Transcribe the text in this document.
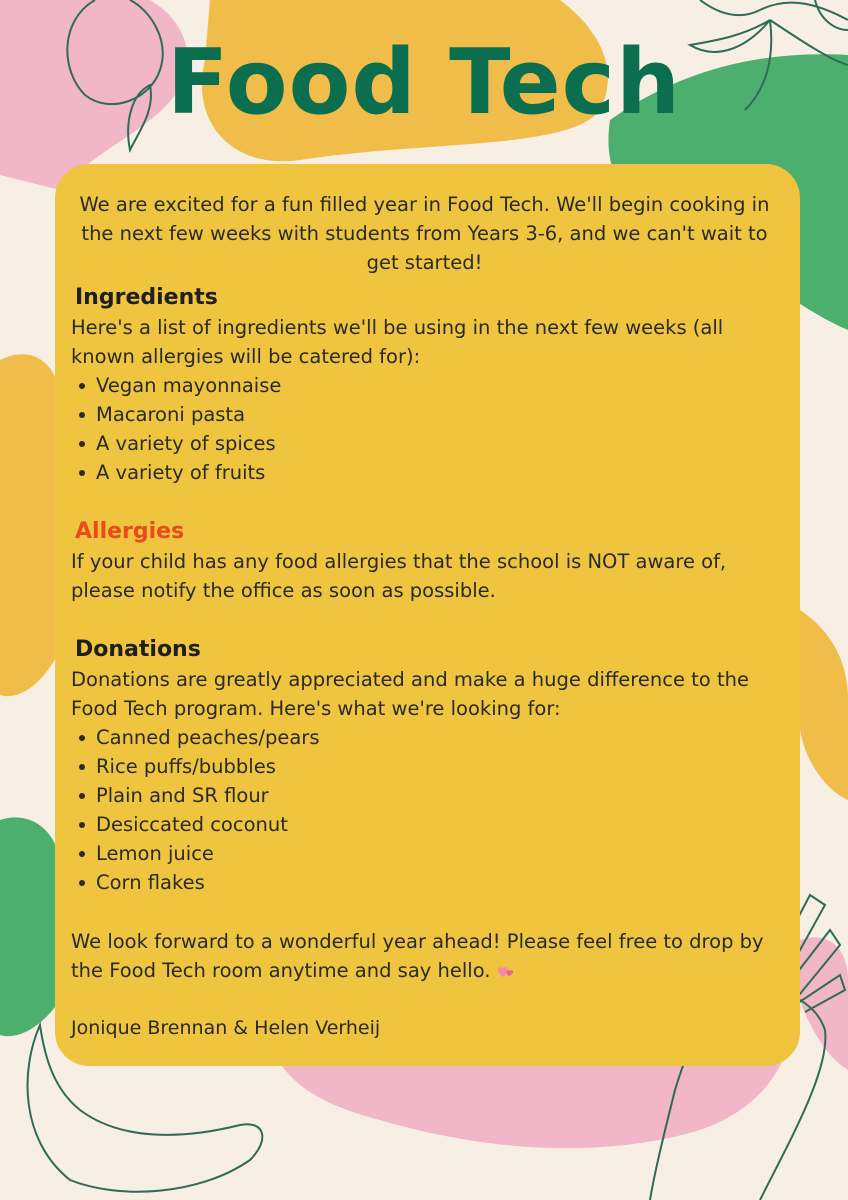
Food Tech

We are excited for a fun filled year in Food Tech. We'll begin cooking in the next few weeks with students from Years 3-6, and we can't wait to get started!

Ingredients

Here's a list of ingredients we'll be using in the next few weeks (all known allergies will be catered for):

Vegan mayonnaise
Macaroni pasta
A variety of spices
A variety of fruits

Allergies

If your child has any food allergies that the school is NOT aware of, please notify the office as soon as possible.

Donations

Donations are greatly appreciated and make a huge difference to the Food Tech program. Here's what we're looking for:

Canned peaches/pears
Rice puffs/bubbles
Plain and SR flour
Desiccated coconut
Lemon juice
Corn flakes

We look forward to a wonderful year ahead! Please feel free to drop by the Food Tech room anytime and say hello.

Jonique Brennan & Helen Verheij
